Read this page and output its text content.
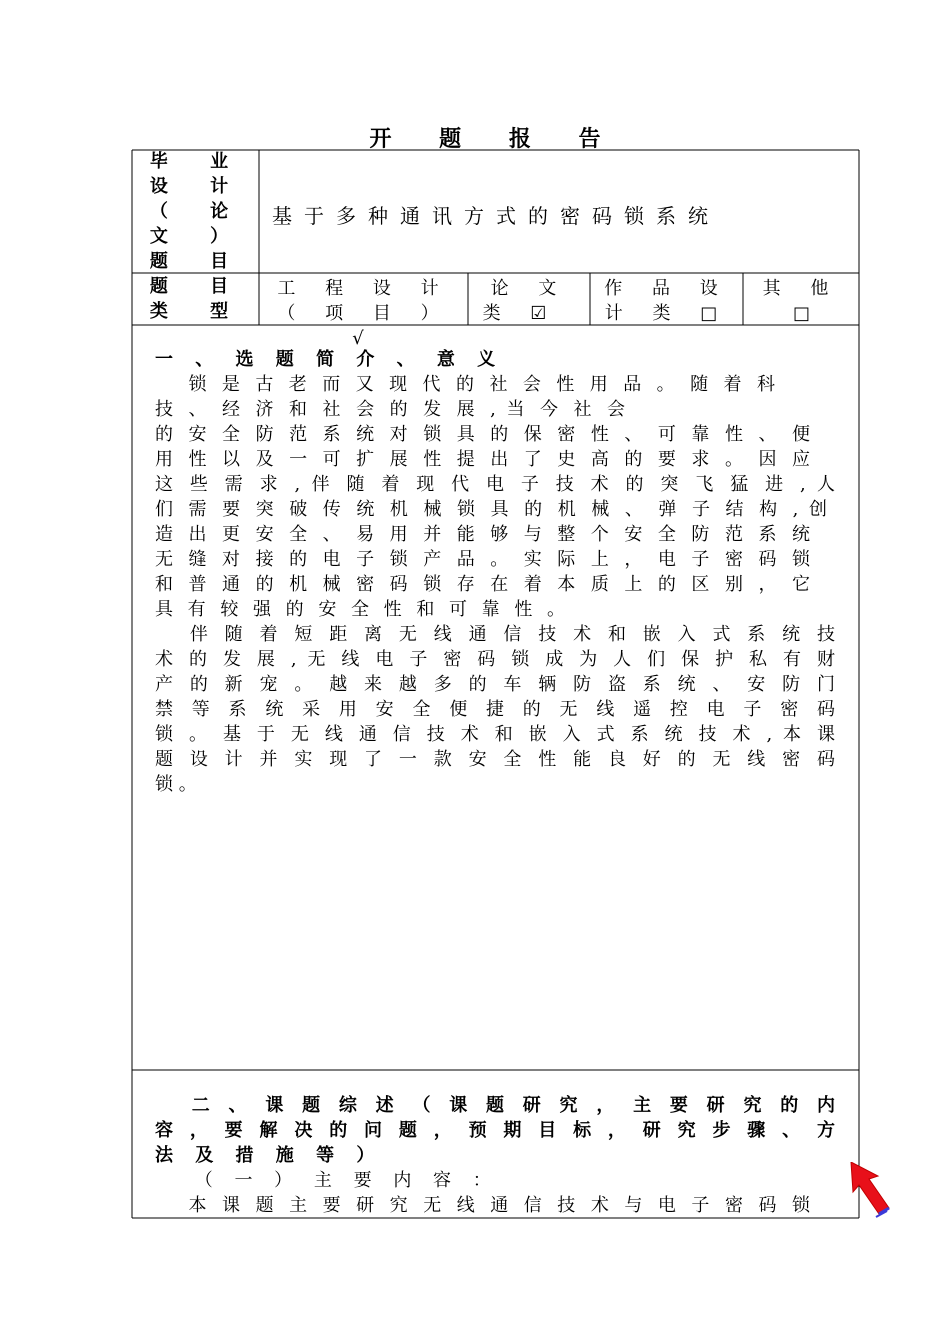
开 题 报 告
毕 业
设 计
（ 论
文 ）
题 目
基于多种通讯方式的密码锁系统
题 目
类 型
工 程 设 计
（ 项 目 ） √
论 文
类 ☑
作 品 设
计 类 □
其 他
□
一 、 选 题 简 介 、 意 义
　 锁 是 古 老 而 又 现 代 的 社 会 性 用 品 。 随 着 科
技 、 经 济 和 社 会 的 发 展 , 当 今 社 会
的 安 全 防 范 系 统 对 锁 具 的 保 密 性 、 可 靠 性 、 便
用 性 以 及 一 可 扩 展 性 提 出 了 史 高 的 要 求 。 因 应
这 些 需 求 , 伴 随 着 现 代 电 子 技 术 的 突 飞 猛 进 , 人
们 需 要 突 破 传 统 机 械 锁 具 的 机 械 、 弹 子 结 构 , 创
造 出 更 安 全 、 易 用 并 能 够 与 整 个 安 全 防 范 系 统
无 缝 对 接 的 电 子 锁 产 品 。 实 际 上 ， 电 子 密 码 锁
和 普 通 的 机 械 密 码 锁 存 在 着 本 质 上 的 区 别 ， 它
具 有 较 强 的 安 全 性 和 可 靠 性 。
　 伴 随 着 短 距 离 无 线 通 信 技 术 和 嵌 入 式 系 统 技
术 的 发 展 , 无 线 电 子 密 码 锁 成 为 人 们 保 护 私 有 财
产 的 新 宠 。 越 来 越 多 的 车 辆 防 盗 系 统 、 安 防 门
禁 等 系 统 采 用 安 全 便 捷 的 无 线 遥 控 电 子 密 码
锁 。 基 于 无 线 通 信 技 术 和 嵌 入 式 系 统 技 术 , 本 课
题 设 计 并 实 现 了 一 款 安 全 性 能 良 好 的 无 线 密 码
锁 。
　 二 、 课 题 综 述 （ 课 题 研 究 ， 主 要 研 究 的 内
容 ， 要 解 决 的 问 题 ， 预 期 目 标 ， 研 究 步 骤 、 方
法 及 措 施 等 ）
　 （ 一 ） 主 要 内 容 ：
　 本 课 题 主 要 研 究 无 线 通 信 技 术 与 电 子 密 码 锁
